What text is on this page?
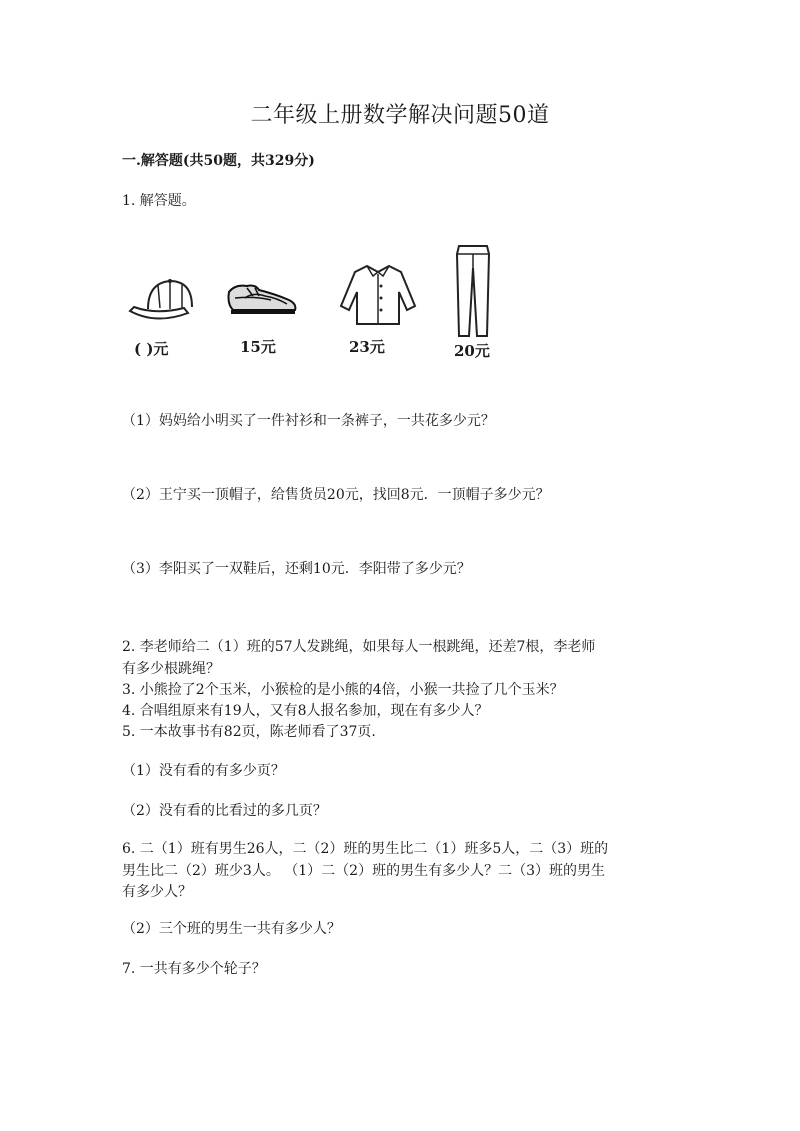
二年级上册数学解决问题50道
一.解答题(共50题，共329分)
1. 解答题。
( )元	15元	23元	20元
（1）妈妈给小明买了一件衬衫和一条裤子，一共花多少元？
（2）王宁买一顶帽子，给售货员20元，找回8元．一顶帽子多少元？
（3）李阳买了一双鞋后，还剩10元．李阳带了多少元？
2. 李老师给二（1）班的57人发跳绳，如果每人一根跳绳，还差7根，李老师
有多少根跳绳？
3. 小熊捡了2个玉米，小猴检的是小熊的4倍，小猴一共捡了几个玉米？
4. 合唱组原来有19人，又有8人报名参加，现在有多少人？
5. 一本故事书有82页，陈老师看了37页.
（1）没有看的有多少页？
（2）没有看的比看过的多几页？
6. 二（1）班有男生26人，二（2）班的男生比二（1）班多5人，二（3）班的
男生比二（2）班少3人。 （1）二（2）班的男生有多少人？二（3）班的男生
有多少人？
（2）三个班的男生一共有多少人？
7. 一共有多少个轮子？
